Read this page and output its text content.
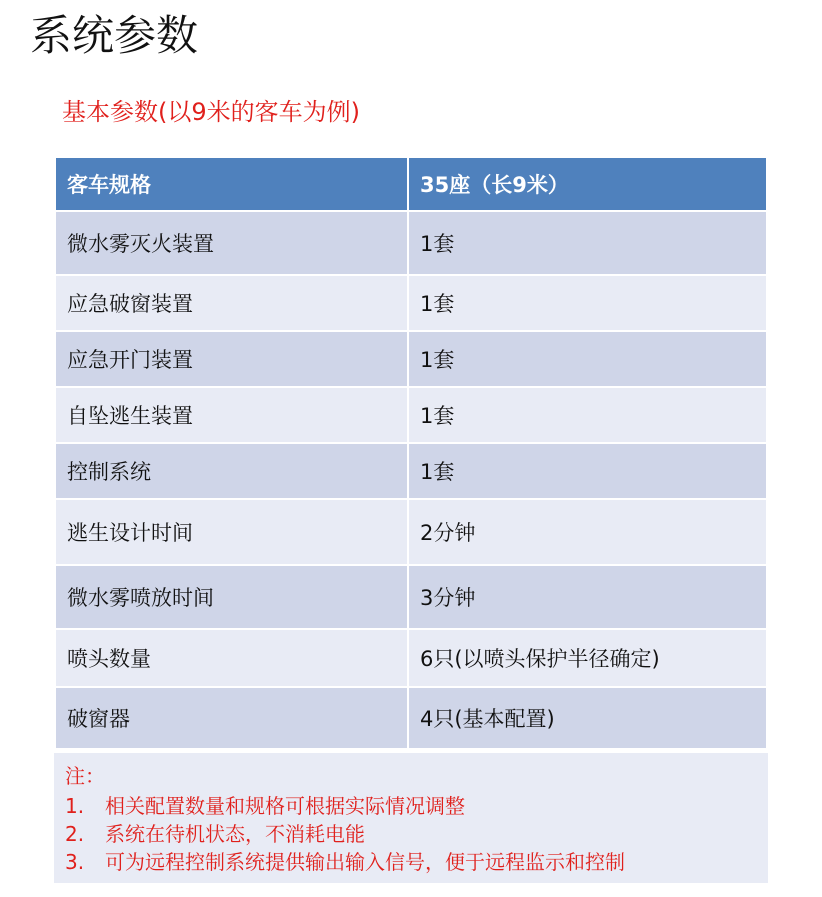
系统参数
基本参数(以9米的客车为例)
客车规格	35座（长9米）
微水雾灭火装置	1套
应急破窗装置	1套
应急开门装置	1套
自坠逃生装置	1套
控制系统	1套
逃生设计时间	2分钟
微水雾喷放时间	3分钟
喷头数量	6只(以喷头保护半径确定)
破窗器	4只(基本配置)
注：
1. 相关配置数量和规格可根据实际情况调整
2. 系统在待机状态，不消耗电能
3. 可为远程控制系统提供输出输入信号，便于远程监示和控制
